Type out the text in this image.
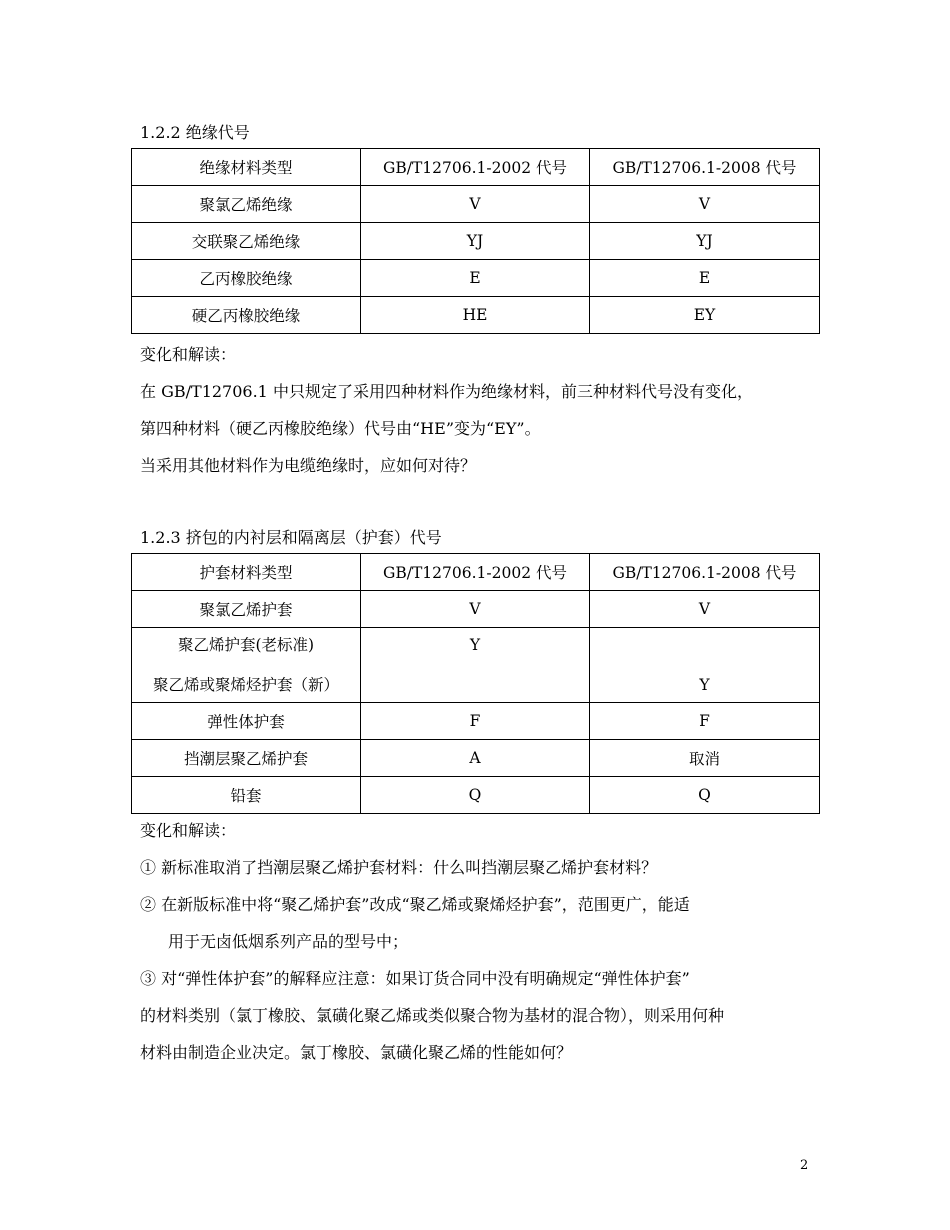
1.2.2 绝缘代号
绝缘材料类型	GB/T12706.1-2002 代号	GB/T12706.1-2008 代号
聚氯乙烯绝缘	V	V
交联聚乙烯绝缘	YJ	YJ
乙丙橡胶绝缘	E	E
硬乙丙橡胶绝缘	HE	EY

变化和解读：

在 GB/T12706.1 中只规定了采用四种材料作为绝缘材料，前三种材料代号没有变化，

第四种材料（硬乙丙橡胶绝缘）代号由“HE”变为“EY”。

当采用其他材料作为电缆绝缘时，应如何对待？

1.2.3 挤包的内衬层和隔离层（护套）代号
护套材料类型	GB/T12706.1-2002 代号	GB/T12706.1-2008 代号
聚氯乙烯护套	V	V

聚乙烯护套(老标准)
聚乙烯或聚烯烃护套（新）	Y	Y

弹性体护套	F	F
挡潮层聚乙烯护套	A	取消
铅套	Q	Q

变化和解读：

① 新标准取消了挡潮层聚乙烯护套材料：什么叫挡潮层聚乙烯护套材料？

② 在新版标准中将“聚乙烯护套”改成“聚乙烯或聚烯烃护套”，范围更广，能适

用于无卤低烟系列产品的型号中；

③ 对“弹性体护套”的解释应注意：如果订货合同中没有明确规定“弹性体护套”

的材料类别（氯丁橡胶、氯磺化聚乙烯或类似聚合物为基材的混合物），则采用何种

材料由制造企业决定。氯丁橡胶、氯磺化聚乙烯的性能如何？

2
